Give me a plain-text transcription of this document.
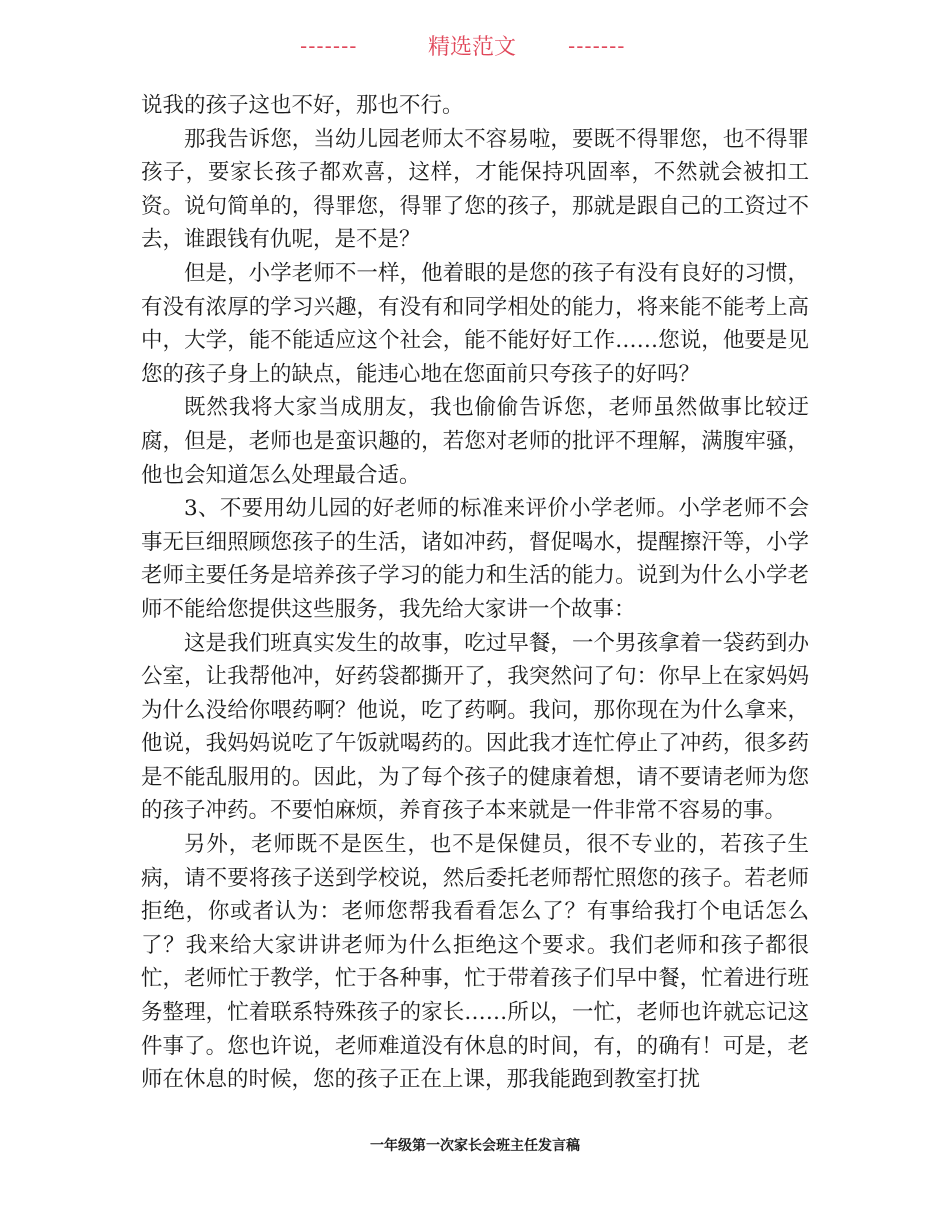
-------	精选范文	-------

说我的孩子这也不好，那也不行。

那我告诉您，当幼儿园老师太不容易啦，要既不得罪您，也不得罪孩子，要家长孩子都欢喜，这样，才能保持巩固率，不然就会被扣工资。说句简单的，得罪您，得罪了您的孩子，那就是跟自己的工资过不去，谁跟钱有仇呢，是不是？

但是，小学老师不一样，他着眼的是您的孩子有没有良好的习惯，有没有浓厚的学习兴趣，有没有和同学相处的能力，将来能不能考上高中，大学，能不能适应这个社会，能不能好好工作……您说，他要是见您的孩子身上的缺点，能违心地在您面前只夸孩子的好吗？

既然我将大家当成朋友，我也偷偷告诉您，老师虽然做事比较迂腐，但是，老师也是蛮识趣的，若您对老师的批评不理解，满腹牢骚，他也会知道怎么处理最合适。

3、不要用幼儿园的好老师的标准来评价小学老师。小学老师不会事无巨细照顾您孩子的生活，诸如冲药，督促喝水，提醒擦汗等，小学老师主要任务是培养孩子学习的能力和生活的能力。说到为什么小学老师不能给您提供这些服务，我先给大家讲一个故事：

这是我们班真实发生的故事，吃过早餐，一个男孩拿着一袋药到办公室，让我帮他冲，好药袋都撕开了，我突然问了句：你早上在家妈妈为什么没给你喂药啊？他说，吃了药啊。我问，那你现在为什么拿来，他说，我妈妈说吃了午饭就喝药的。因此我才连忙停止了冲药，很多药是不能乱服用的。因此，为了每个孩子的健康着想，请不要请老师为您的孩子冲药。不要怕麻烦，养育孩子本来就是一件非常不容易的事。

另外，老师既不是医生，也不是保健员，很不专业的，若孩子生病，请不要将孩子送到学校说，然后委托老师帮忙照您的孩子。若老师拒绝，你或者认为：老师您帮我看看怎么了？有事给我打个电话怎么了？我来给大家讲讲老师为什么拒绝这个要求。我们老师和孩子都很忙，老师忙于教学，忙于各种事，忙于带着孩子们早中餐，忙着进行班务整理，忙着联系特殊孩子的家长……所以，一忙，老师也许就忘记这件事了。您也许说，老师难道没有休息的时间，有，的确有！可是，老师在休息的时候，您的孩子正在上课，那我能跑到教室打扰

一年级第一次家长会班主任发言稿
